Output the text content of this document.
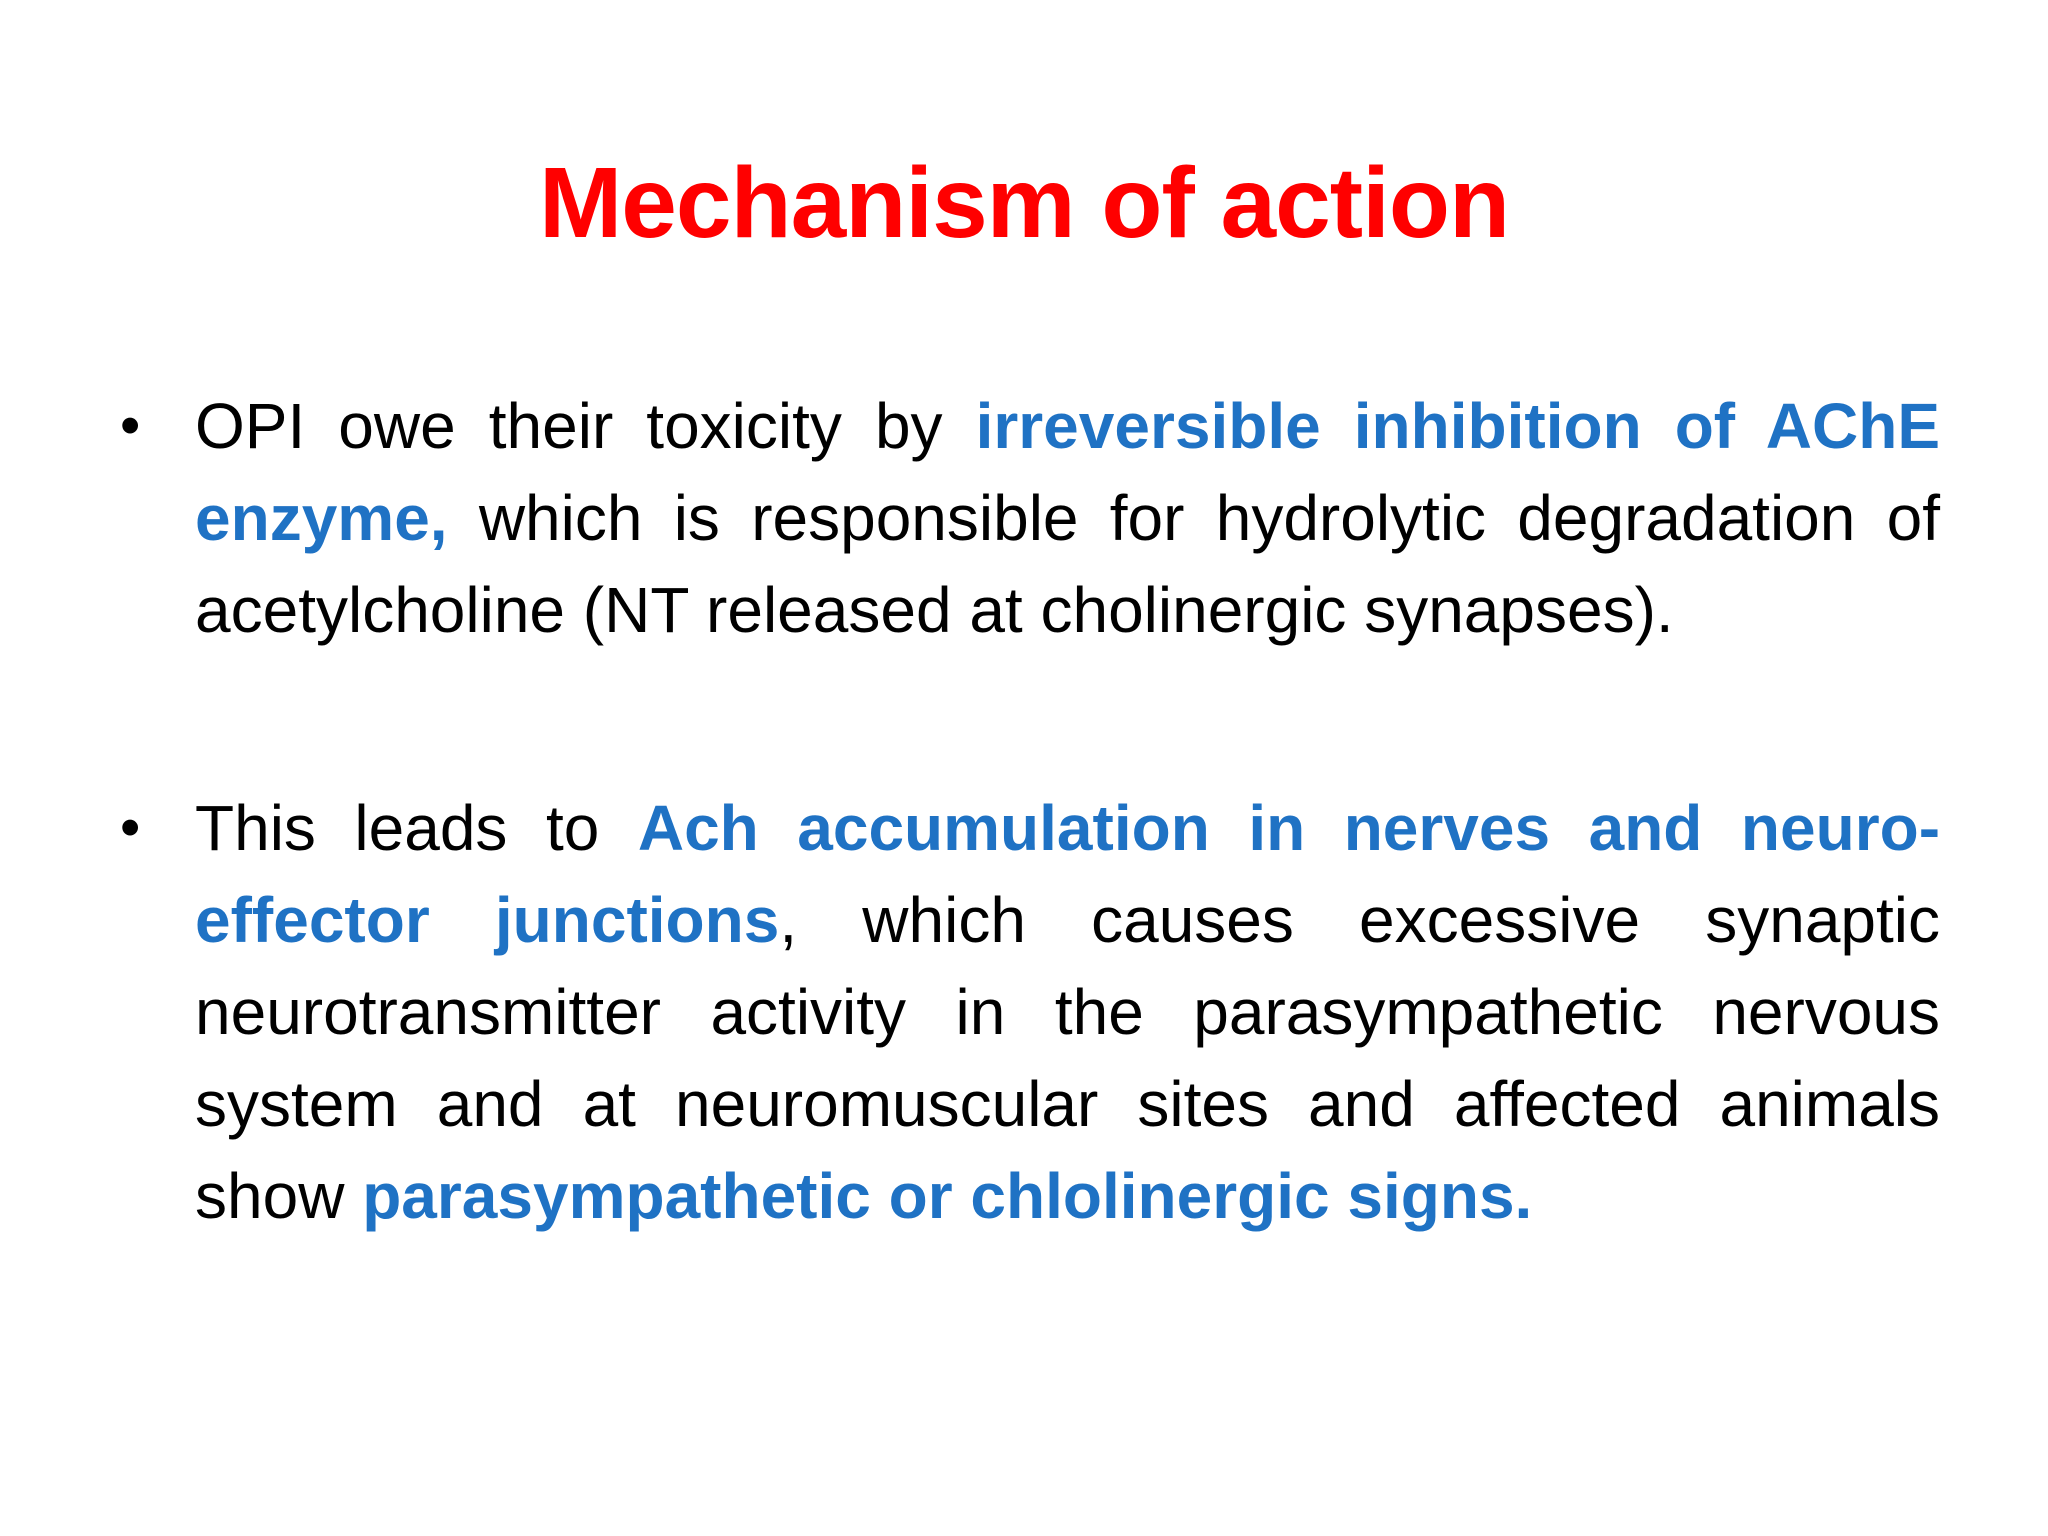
Mechanism of action
• OPI owe their toxicity by irreversible inhibition of AChE enzyme, which is responsible for hydrolytic degradation of acetylcholine (NT released at cholinergic synapses).
• This leads to Ach accumulation in nerves and neuro-effector junctions, which causes excessive synaptic neurotransmitter activity in the parasympathetic nervous system and at neuromuscular sites and affected animals show parasympathetic or chlolinergic signs.
